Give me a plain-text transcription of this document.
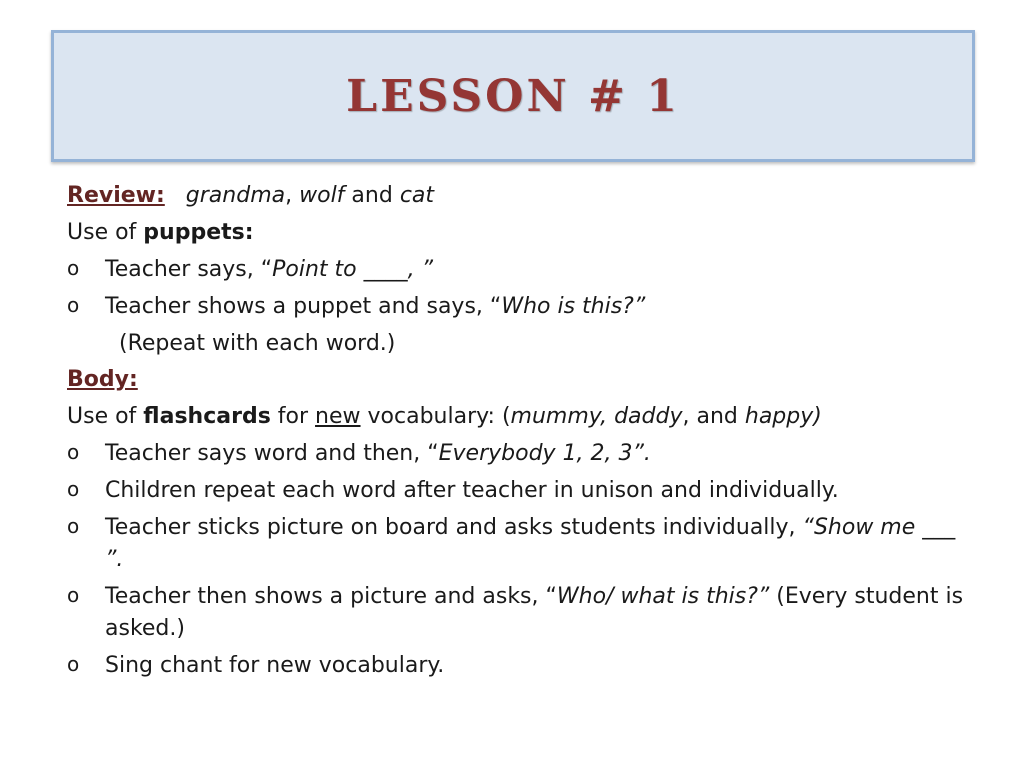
LESSON # 1
Review: grandma, wolf and cat
Use of puppets:
o Teacher says, “Point to ____, ”
o Teacher shows a puppet and says, “Who is this?”
(Repeat with each word.)
Body:
Use of flashcards for new vocabulary: (mummy, daddy, and happy)
o Teacher says word and then, “Everybody 1, 2, 3”.
o Children repeat each word after teacher in unison and individually.
o Teacher sticks picture on board and asks students individually, “Show me ___ ”.
o Teacher then shows a picture and asks, “Who/ what is this?” (Every student is asked.)
o Sing chant for new vocabulary.
